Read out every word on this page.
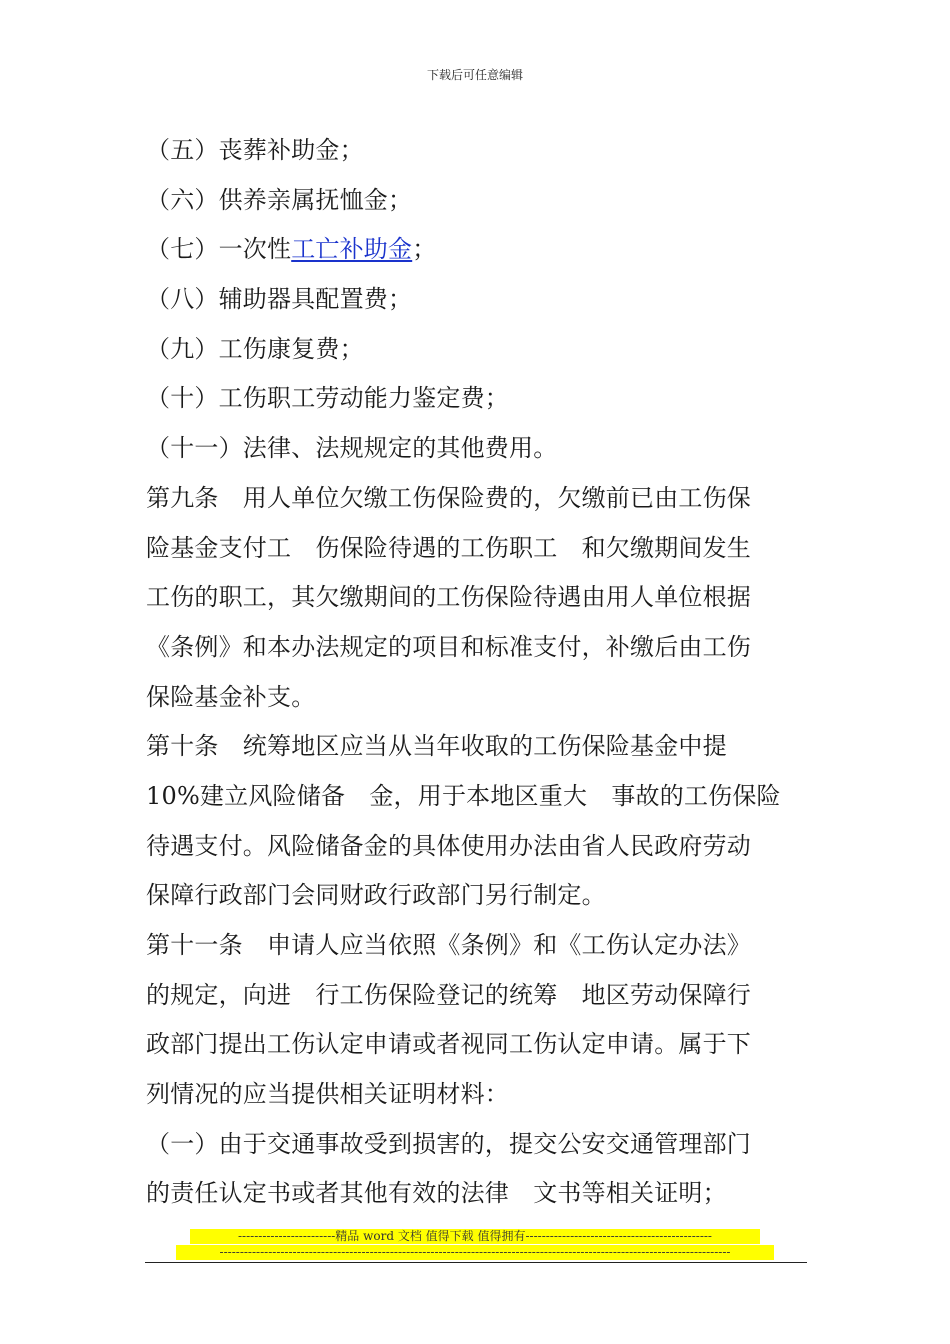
下载后可任意编辑
（五）丧葬补助金；
（六）供养亲属抚恤金；
（七）一次性工亡补助金；
（八）辅助器具配置费；
（九）工伤康复费；
（十）工伤职工劳动能力鉴定费；
（十一）法律、法规规定的其他费用。
第九条　用人单位欠缴工伤保险费的，欠缴前已由工伤保
险基金支付工　伤保险待遇的工伤职工　和欠缴期间发生
工伤的职工，其欠缴期间的工伤保险待遇由用人单位根据
《条例》和本办法规定的项目和标准支付，补缴后由工伤
保险基金补支。
第十条　统筹地区应当从当年收取的工伤保险基金中提
10%建立风险储备　金，用于本地区重大　事故的工伤保险
待遇支付。风险储备金的具体使用办法由省人民政府劳动
保障行政部门会同财政行政部门另行制定。
第十一条　申请人应当依照《条例》和《工伤认定办法》
的规定，向进　行工伤保险登记的统筹　地区劳动保障行
政部门提出工伤认定申请或者视同工伤认定申请。属于下
列情况的应当提供相关证明材料：
（一）由于交通事故受到损害的，提交公安交通管理部门
的责任认定书或者其他有效的法律　文书等相关证明；
------------------------精品 word 文档 值得下载 值得拥有----------------------------------------------
------------------------------------------------------------------------------------------------------------------------------
